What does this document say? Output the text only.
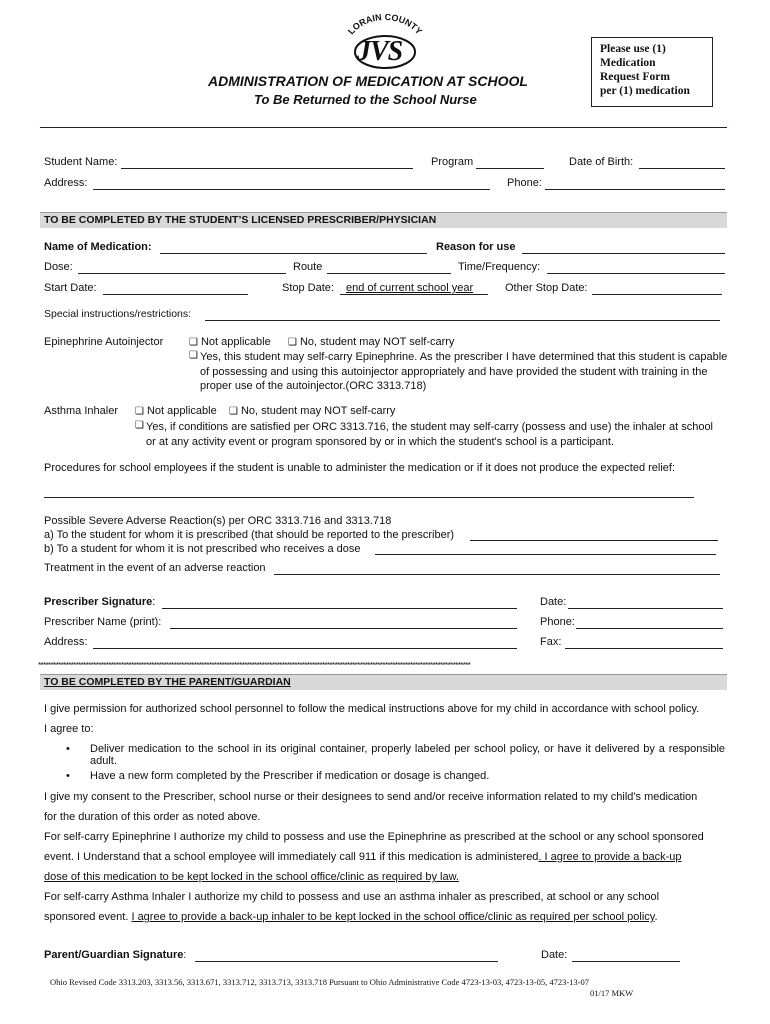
LORAIN COUNTY
JVS
ADMINISTRATION OF MEDICATION AT SCHOOL
To Be Returned to the School Nurse
Please use (1)
Medication
Request Form
per (1) medication
Student Name:	Program	Date of Birth:
Address:	Phone:
TO BE COMPLETED BY THE STUDENT’S LICENSED PRESCRIBER/PHYSICIAN
Name of Medication:	Reason for use
Dose:	Route	Time/Frequency:
Start Date:	Stop Date: end of current school year	Other Stop Date:
Special instructions/restrictions:
Epinephrine Autoinjector	❏ Not applicable ❏ No, student may NOT self-carry
❏ Yes, this student may self-carry Epinephrine. As the prescriber I have determined that this student is capable of possessing and using this autoinjector appropriately and have provided the student with training in the proper use of the autoinjector.(ORC 3313.718)
Asthma Inhaler ❏ Not applicable ❏ No, student may NOT self-carry
❏ Yes, if conditions are satisfied per ORC 3313.716, the student may self-carry (possess and use) the inhaler at school or at any activity event or program sponsored by or in which the student's school is a participant.
Procedures for school employees if the student is unable to administer the medication or if it does not produce the expected relief:
Possible Severe Adverse Reaction(s) per ORC 3313.716 and 3313.718
a) To the student for whom it is prescribed (that should be reported to the prescriber)
b) To a student for whom it is not prescribed who receives a dose
Treatment in the event of an adverse reaction
Prescriber Signature:	Date:
Prescriber Name (print):	Phone:
Address:	Fax:
****************************************************************************************************************************************************************************
TO BE COMPLETED BY THE PARENT/GUARDIAN
I give permission for authorized school personnel to follow the medical instructions above for my child in accordance with school policy.
I agree to:
• Deliver medication to the school in its original container, properly labeled per school policy, or have it delivered by a responsible adult.
• Have a new form completed by the Prescriber if medication or dosage is changed.
I give my consent to the Prescriber, school nurse or their designees to send and/or receive information related to my child's medication
for the duration of this order as noted above.
For self-carry Epinephrine I authorize my child to possess and use the Epinephrine as prescribed at the school or any school sponsored
event. I Understand that a school employee will immediately call 911 if this medication is administered. I agree to provide a back-up
dose of this medication to be kept locked in the school office/clinic as required by law.
For self-carry Asthma Inhaler I authorize my child to possess and use an asthma inhaler as prescribed, at school or any school
sponsored event. I agree to provide a back-up inhaler to be kept locked in the school office/clinic as required per school policy.
Parent/Guardian Signature:	Date:
Ohio Revised Code 3313.203, 3313.56, 3313.671, 3313.712, 3313.713, 3313.718 Pursuant to Ohio Administrative Code 4723-13-03, 4723-13-05, 4723-13-07
01/17 MKW
